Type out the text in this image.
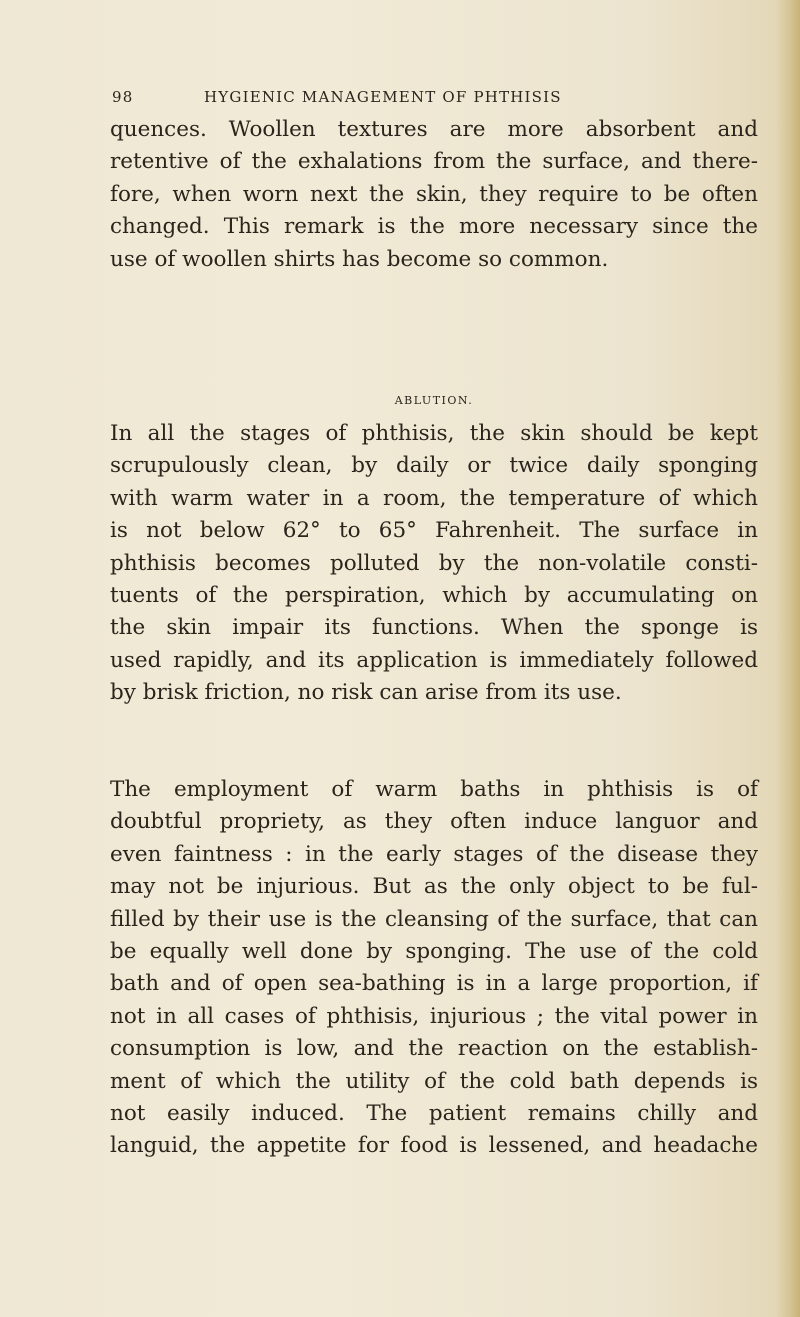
98	HYGIENIC MANAGEMENT OF PHTHISIS
quences. Woollen textures are more absorbent and
retentive of the exhalations from the surface, and there-
fore, when worn next the skin, they require to be often
changed. This remark is the more necessary since the
use of woollen shirts has become so common.
ABLUTION.
In all the stages of phthisis, the skin should be kept
scrupulously clean, by daily or twice daily sponging
with warm water in a room, the temperature of which
is not below 62° to 65° Fahrenheit. The surface in
phthisis becomes polluted by the non-volatile consti-
tuents of the perspiration, which by accumulating on
the skin impair its functions. When the sponge is
used rapidly, and its application is immediately followed
by brisk friction, no risk can arise from its use.
The employment of warm baths in phthisis is of
doubtful propriety, as they often induce languor and
even faintness : in the early stages of the disease they
may not be injurious. But as the only object to be ful-
filled by their use is the cleansing of the surface, that can
be equally well done by sponging. The use of the cold
bath and of open sea-bathing is in a large proportion, if
not in all cases of phthisis, injurious ; the vital power in
consumption is low, and the reaction on the establish-
ment of which the utility of the cold bath depends is
not easily induced. The patient remains chilly and
languid, the appetite for food is lessened, and headache
